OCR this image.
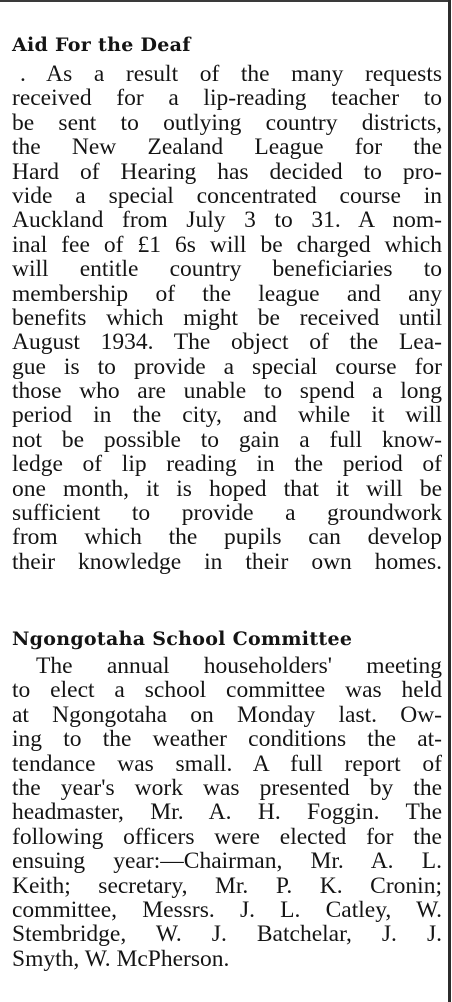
Aid For the Deaf
. As a result of the many requests
received for a lip-reading teacher to
be sent to outlying country districts,
the New Zealand League for the
Hard of Hearing has decided to pro-
vide a special concentrated course in
Auckland from July 3 to 31. A nom-
inal fee of £1 6s will be charged which
will entitle country beneficiaries to
membership of the league and any
benefits which might be received until
August 1934. The object of the Lea-
gue is to provide a special course for
those who are unable to spend a long
period in the city, and while it will
not be possible to gain a full know-
ledge of lip reading in the period of
one month, it is hoped that it will be
sufficient to provide a groundwork
from which the pupils can develop
their knowledge in their own homes.
Ngongotaha School Committee
The annual householders' meeting
to elect a school committee was held
at Ngongotaha on Monday last. Ow-
ing to the weather conditions the at-
tendance was small. A full report of
the year's work was presented by the
headmaster, Mr. A. H. Foggin. The
following officers were elected for the
ensuing year:—Chairman, Mr. A. L.
Keith; secretary, Mr. P. K. Cronin;
committee, Messrs. J. L. Catley, W.
Stembridge, W. J. Batchelar, J. J.
Smyth, W. McPherson.
